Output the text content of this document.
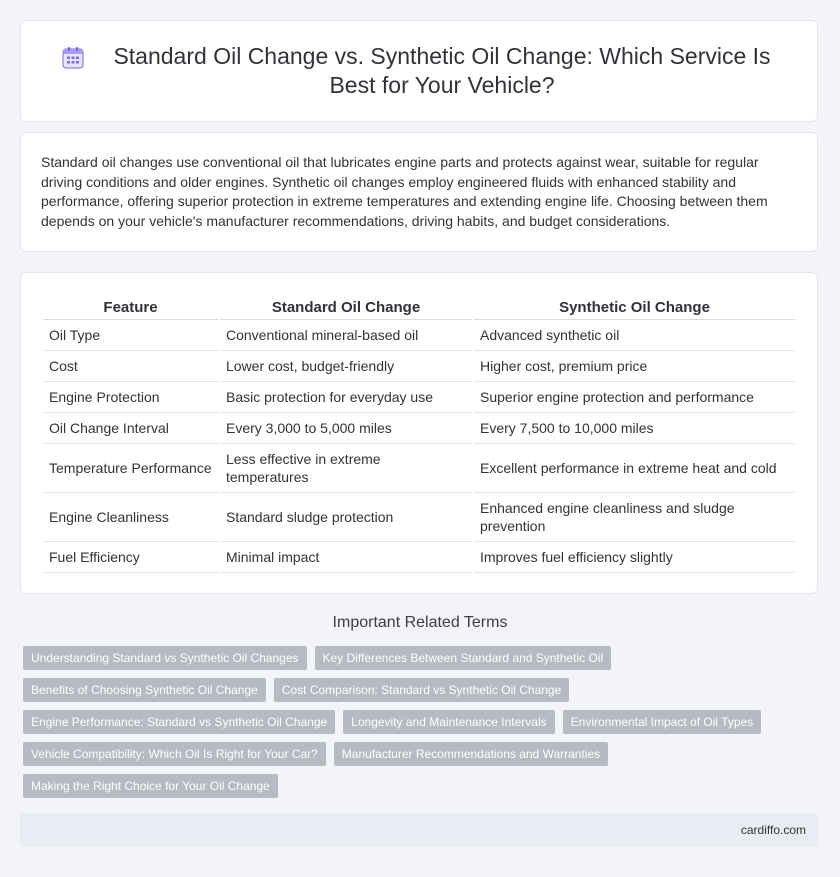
Standard Oil Change vs. Synthetic Oil Change: Which Service Is Best for Your Vehicle?

Standard oil changes use conventional oil that lubricates engine parts and protects against wear, suitable for regular driving conditions and older engines. Synthetic oil changes employ engineered fluids with enhanced stability and performance, offering superior protection in extreme temperatures and extending engine life. Choosing between them depends on your vehicle's manufacturer recommendations, driving habits, and budget considerations.

Feature	Standard Oil Change	Synthetic Oil Change
Oil Type	Conventional mineral-based oil	Advanced synthetic oil
Cost	Lower cost, budget-friendly	Higher cost, premium price
Engine Protection	Basic protection for everyday use	Superior engine protection and performance
Oil Change Interval	Every 3,000 to 5,000 miles	Every 7,500 to 10,000 miles
Temperature Performance	Less effective in extreme temperatures	Excellent performance in extreme heat and cold
Engine Cleanliness	Standard sludge protection	Enhanced engine cleanliness and sludge prevention
Fuel Efficiency	Minimal impact	Improves fuel efficiency slightly
Important Related Terms
Understanding Standard vs Synthetic Oil Changes	Key Differences Between Standard and Synthetic Oil
Benefits of Choosing Synthetic Oil Change	Cost Comparison: Standard vs Synthetic Oil Change
Engine Performance: Standard vs Synthetic Oil Change	Longevity and Maintenance Intervals	Environmental Impact of Oil Types
Vehicle Compatibility: Which Oil Is Right for Your Car?	Manufacturer Recommendations and Warranties
Making the Right Choice for Your Oil Change
cardiffo.com
